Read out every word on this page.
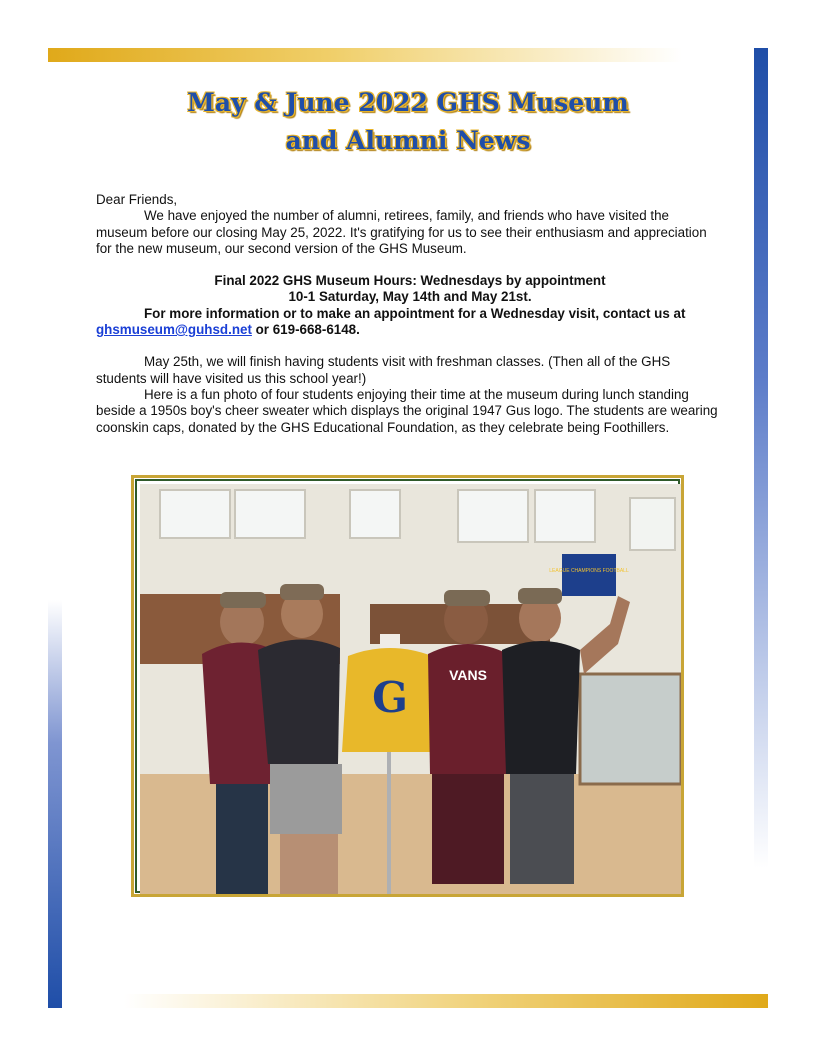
May & June 2022 GHS Museum
and Alumni News

Dear Friends,

We have enjoyed the number of alumni, retirees, family, and friends who have visited the museum before our closing May 25, 2022. It's gratifying for us to see their enthusiasm and appreciation for the new museum, our second version of the GHS Museum.

Final 2022 GHS Museum Hours: Wednesdays by appointment

10-1 Saturday, May 14th and May 21st.

For more information or to make an appointment for a Wednesday visit, contact us at ghsmuseum@guhsd.net or 619-668-6148.

May 25th, we will finish having students visit with freshman classes. (Then all of the GHS students will have visited us this school year!)

Here is a fun photo of four students enjoying their time at the museum during lunch standing beside a 1950s boy's cheer sweater which displays the original 1947 Gus logo. The students are wearing coonskin caps, donated by the GHS Educational Foundation, as they celebrate being Foothillers.

LEAGUE CHAMPIONS FOOTBALL
G	VANS
